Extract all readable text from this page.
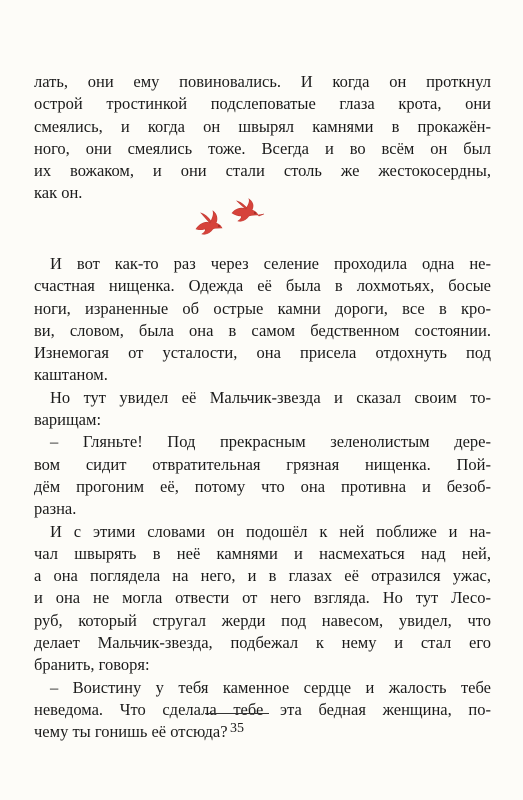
лать, они ему повиновались. И когда он проткнул
острой тростинкой подслеповатые глаза крота, они
смеялись, и когда он швырял камнями в прокажён-
ного, они смеялись тоже. Всегда и во всём он был
их вожаком, и они стали столь же жестокосердны,
как он.
И вот как-то раз через селение проходила одна не-
счастная нищенка. Одежда её была в лохмотьях, босые
ноги, израненные об острые камни дороги, все в кро-
ви, словом, была она в самом бедственном состоянии.
Изнемогая от усталости, она присела отдохнуть под
каштаном.
Но тут увидел её Мальчик-звезда и сказал своим то-
варищам:
– Гляньте! Под прекрасным зеленолистым дере-
вом сидит отвратительная грязная нищенка. Пой-
дём прогоним её, потому что она противна и безоб-
разна.
И с этими словами он подошёл к ней поближе и на-
чал швырять в неё камнями и насмехаться над ней,
а она поглядела на него, и в глазах её отразился ужас,
и она не могла отвести от него взгляда. Но тут Лесо-
руб, который стругал жерди под навесом, увидел, что
делает Мальчик-звезда, подбежал к нему и стал его
бранить, говоря:
– Воистину у тебя каменное сердце и жалость тебе
неведома. Что сделала тебе эта бедная женщина, по-
чему ты гонишь её отсюда? 35
